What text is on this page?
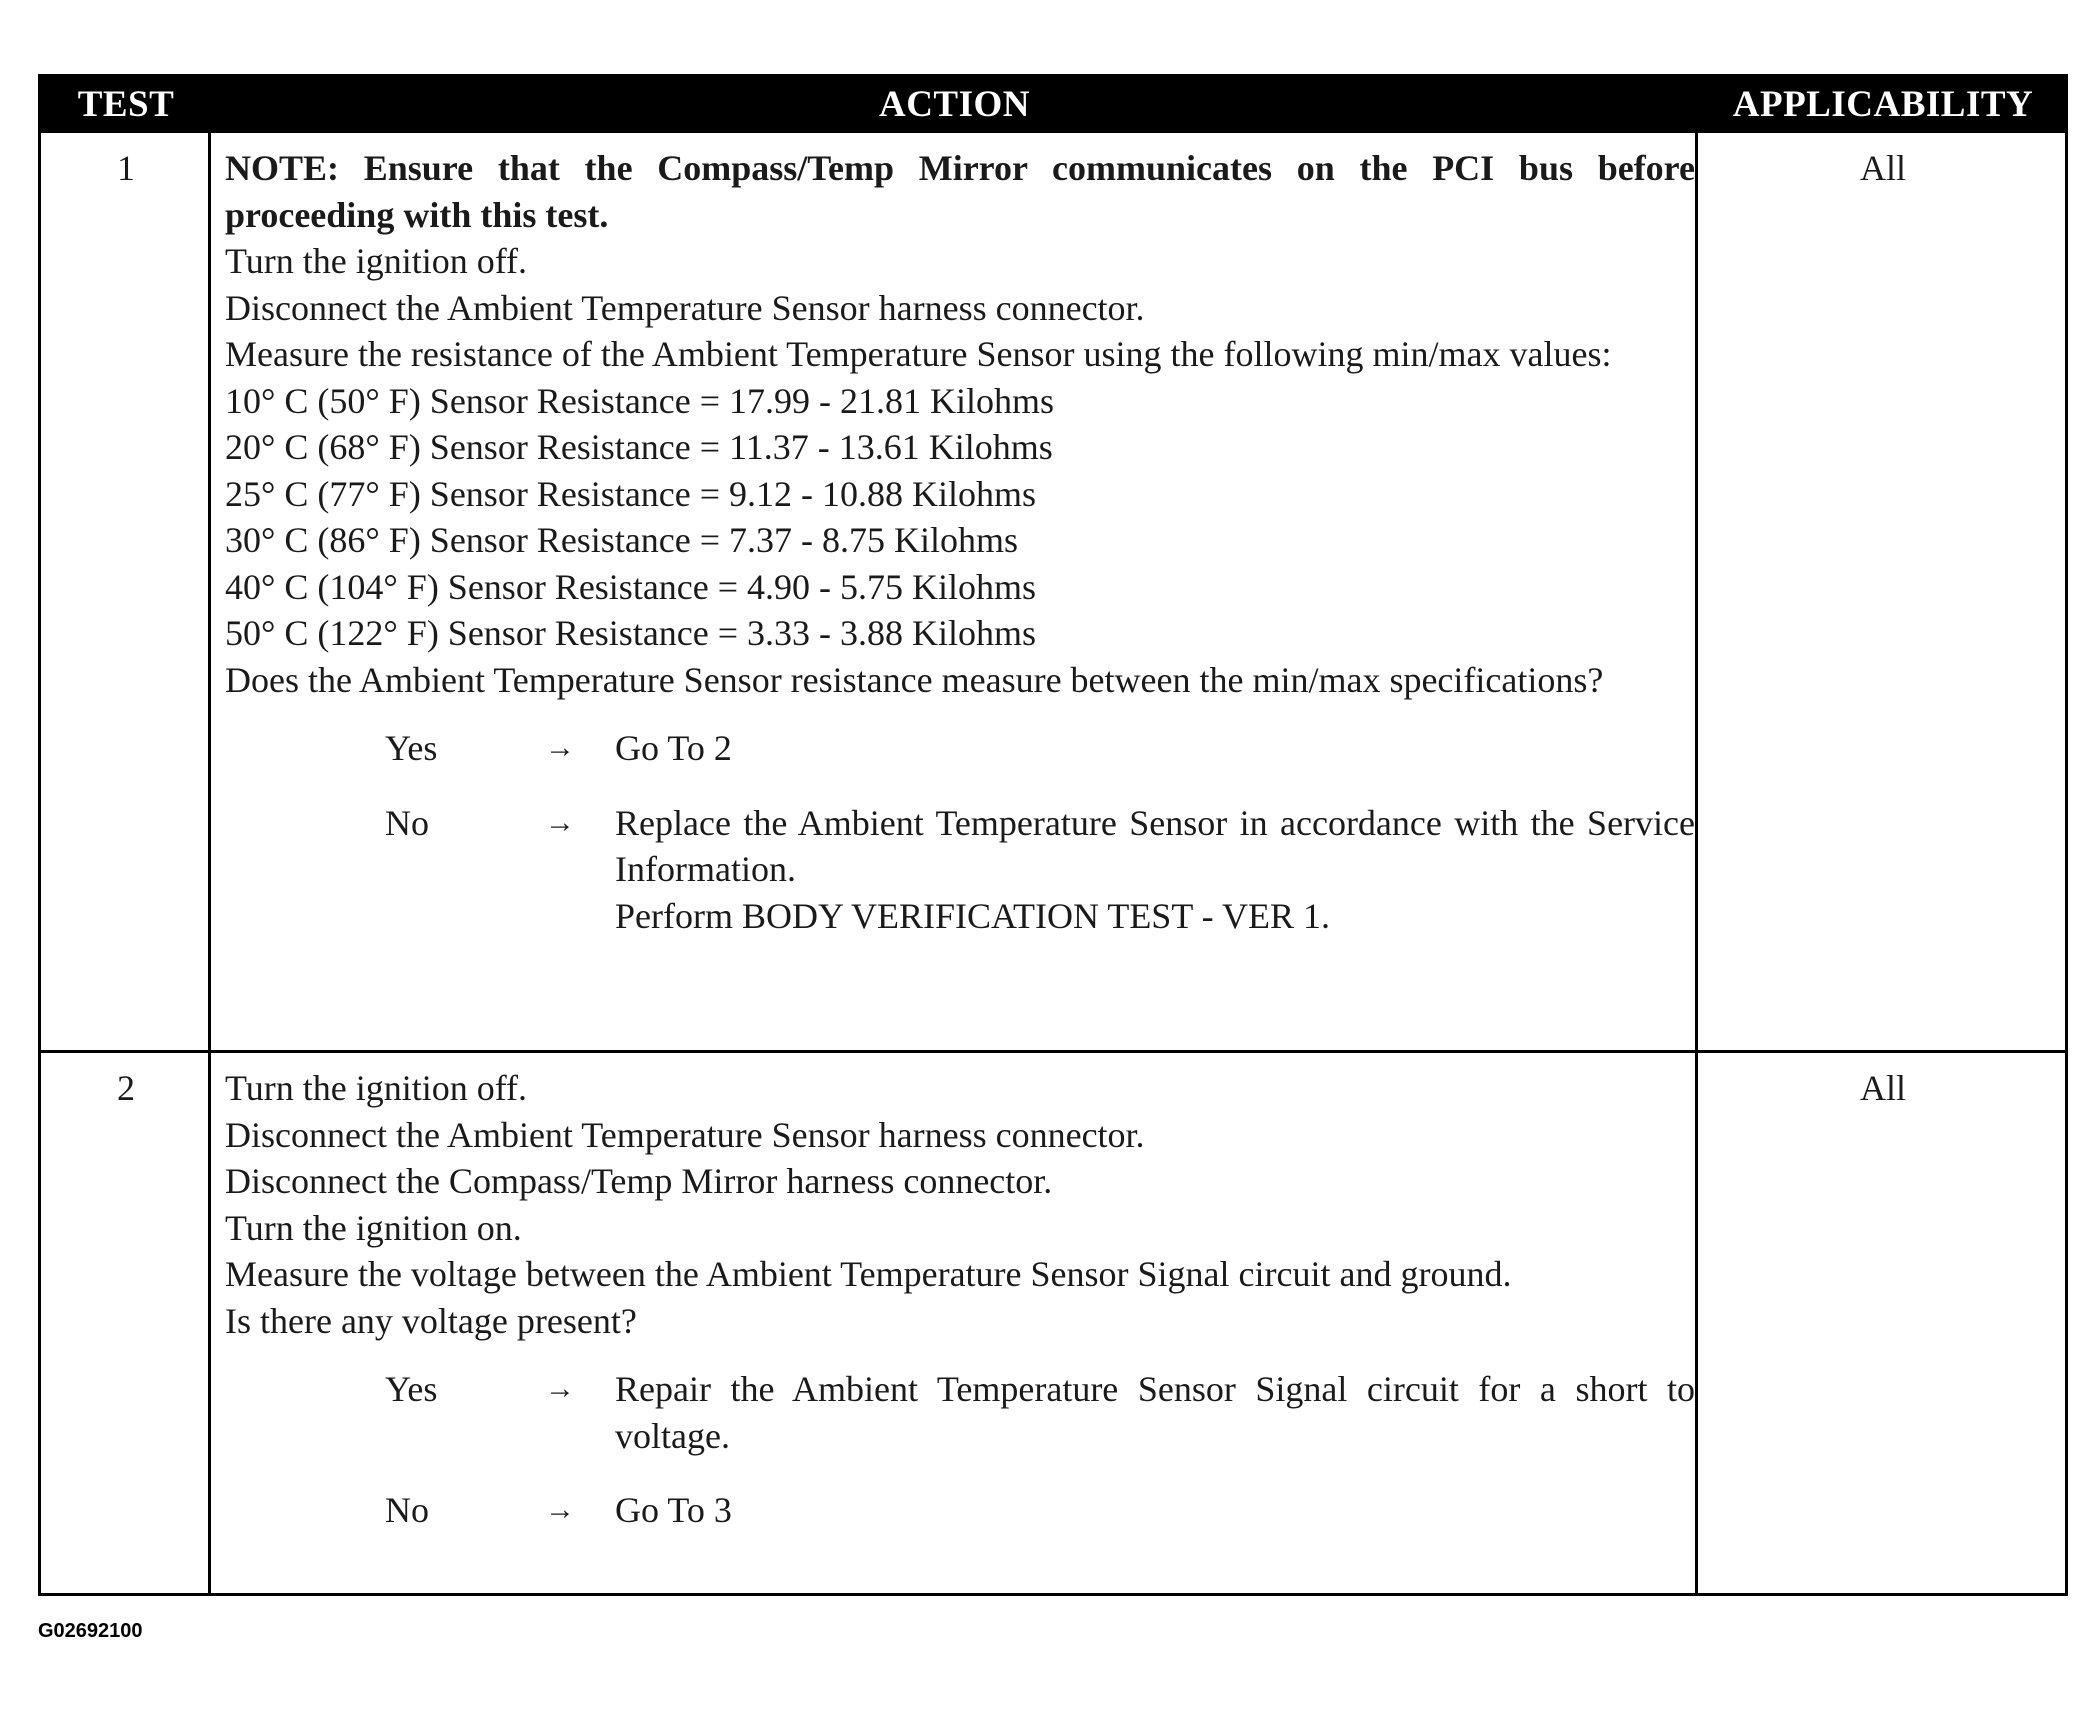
TEST	ACTION	APPLICABILITY
1	NOTE: Ensure that the Compass/Temp Mirror communicates on the PCI bus before proceeding with this test.

Turn the ignition off.

Disconnect the Ambient Temperature Sensor harness connector.

Measure the resistance of the Ambient Temperature Sensor using the following min/max values:

10° C (50° F) Sensor Resistance = 17.99 - 21.81 Kilohms

20° C (68° F) Sensor Resistance = 11.37 - 13.61 Kilohms

25° C (77° F) Sensor Resistance = 9.12 - 10.88 Kilohms

30° C (86° F) Sensor Resistance = 7.37 - 8.75 Kilohms

40° C (104° F) Sensor Resistance = 4.90 - 5.75 Kilohms

50° C (122° F) Sensor Resistance = 3.33 - 3.88 Kilohms

Does the Ambient Temperature Sensor resistance measure between the min/max specifications?

Yes	→	Go To 2
No	→	Replace the Ambient Temperature Sensor in accordance with the Service Information.
Perform BODY VERIFICATION TEST - VER 1.
All
2	Turn the ignition off.

Disconnect the Ambient Temperature Sensor harness connector.

Disconnect the Compass/Temp Mirror harness connector.

Turn the ignition on.

Measure the voltage between the Ambient Temperature Sensor Signal circuit and ground.

Is there any voltage present?

Yes	→	Repair the Ambient Temperature Sensor Signal circuit for a short to voltage.
No	→	Go To 3
All
G02692100
